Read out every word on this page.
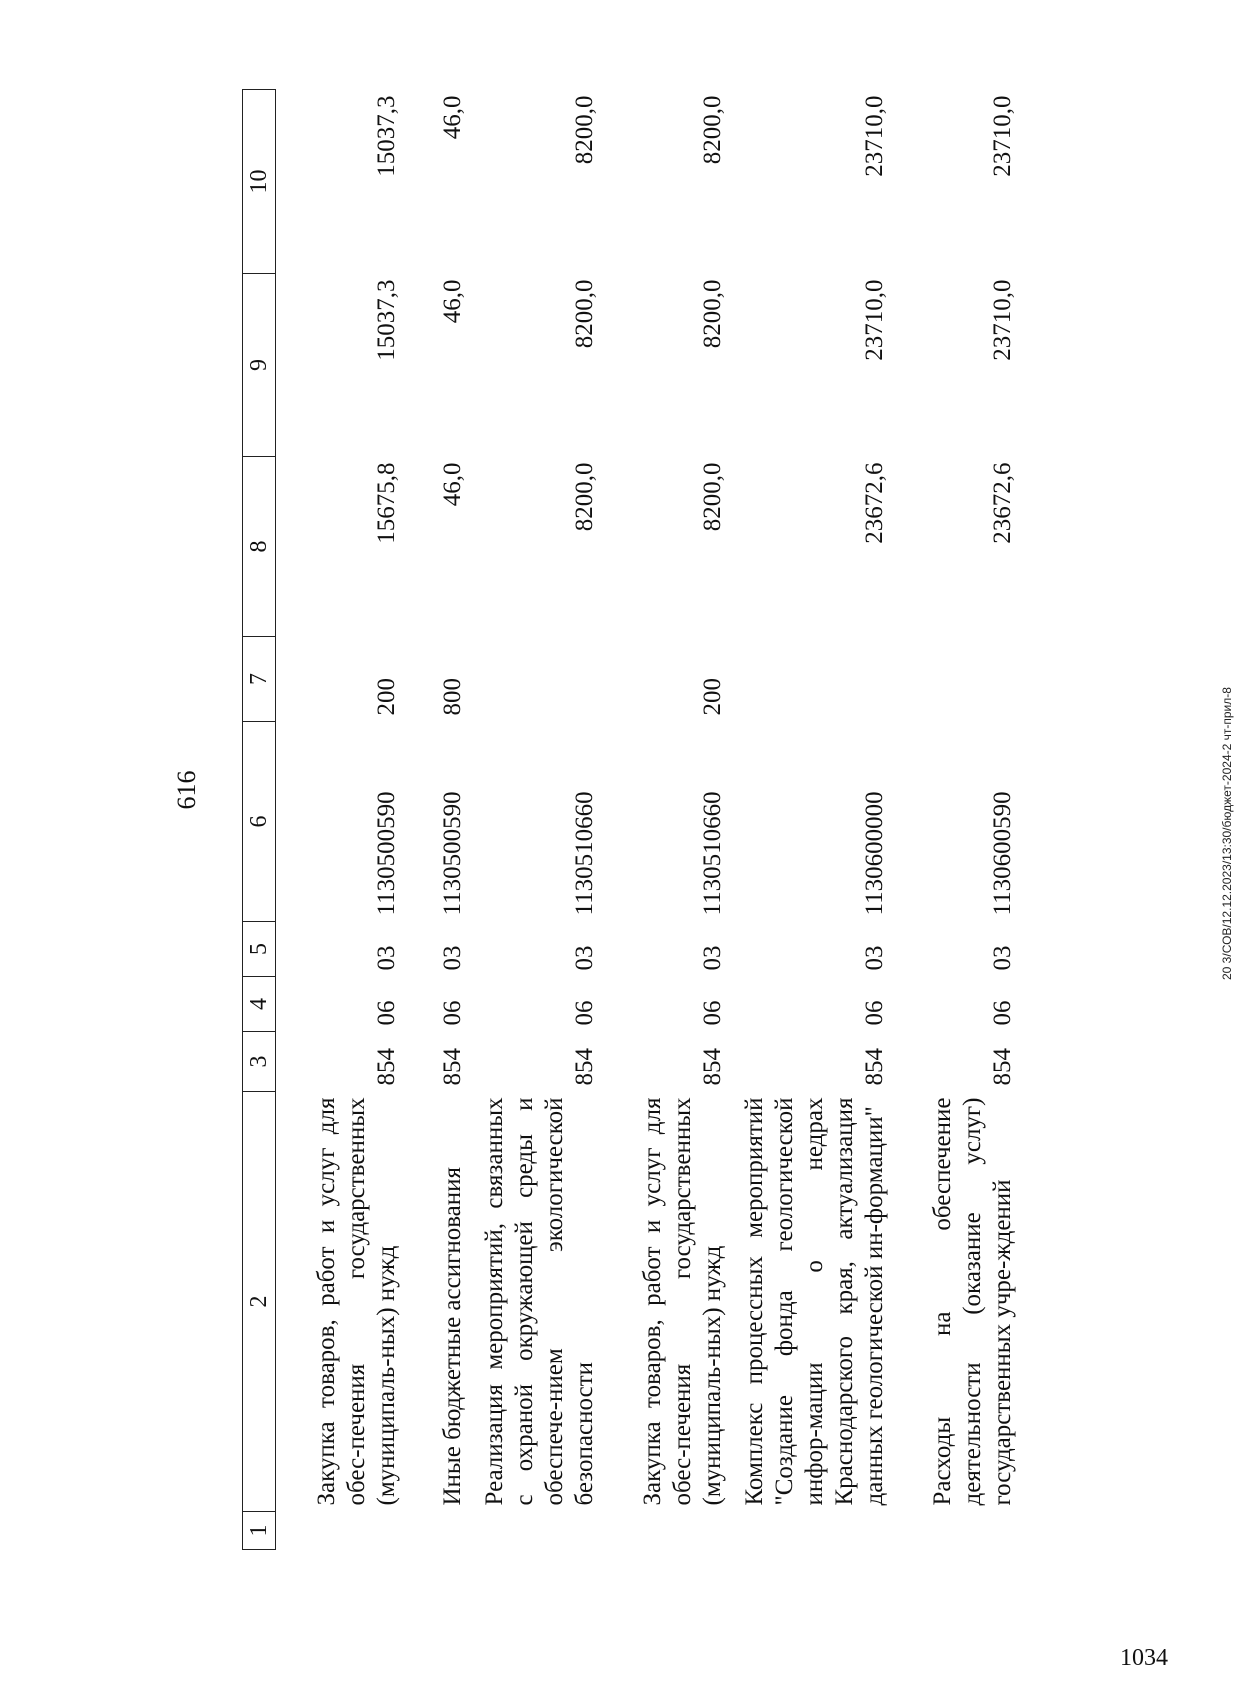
616
1	2	3	4	5	6	7	8	9	10
	Закупка товаров, работ и услуг для обес-печения государственных (муниципаль-ных) нужд	854	06	03	1130500590	200	15675,8	15037,3	15037,3
	Иные бюджетные ассигнования	854	06	03	1130500590	800	46,0	46,0	46,0
	Реализация мероприятий, связанных с охраной окружающей среды и обеспече-нием экологической безопасности	854	06	03	1130510660		8200,0	8200,0	8200,0
	Закупка товаров, работ и услуг для обес-печения государственных (муниципаль-ных) нужд	854	06	03	1130510660	200	8200,0	8200,0	8200,0
	Комплекс процессных мероприятий "Создание фонда геологической инфор-мации о недрах Краснодарского края, актуализация данных геологической ин-формации"	854	06	03	1130600000		23672,6	23710,0	23710,0
	Расходы на обеспечение деятельности (оказание услуг) государственных учре-ждений	854	06	03	1130600590		23672,6	23710,0	23710,0
20 3/СОВ/12.12.2023/13:30/бюджет-2024-2 чт-прил-8
1034
